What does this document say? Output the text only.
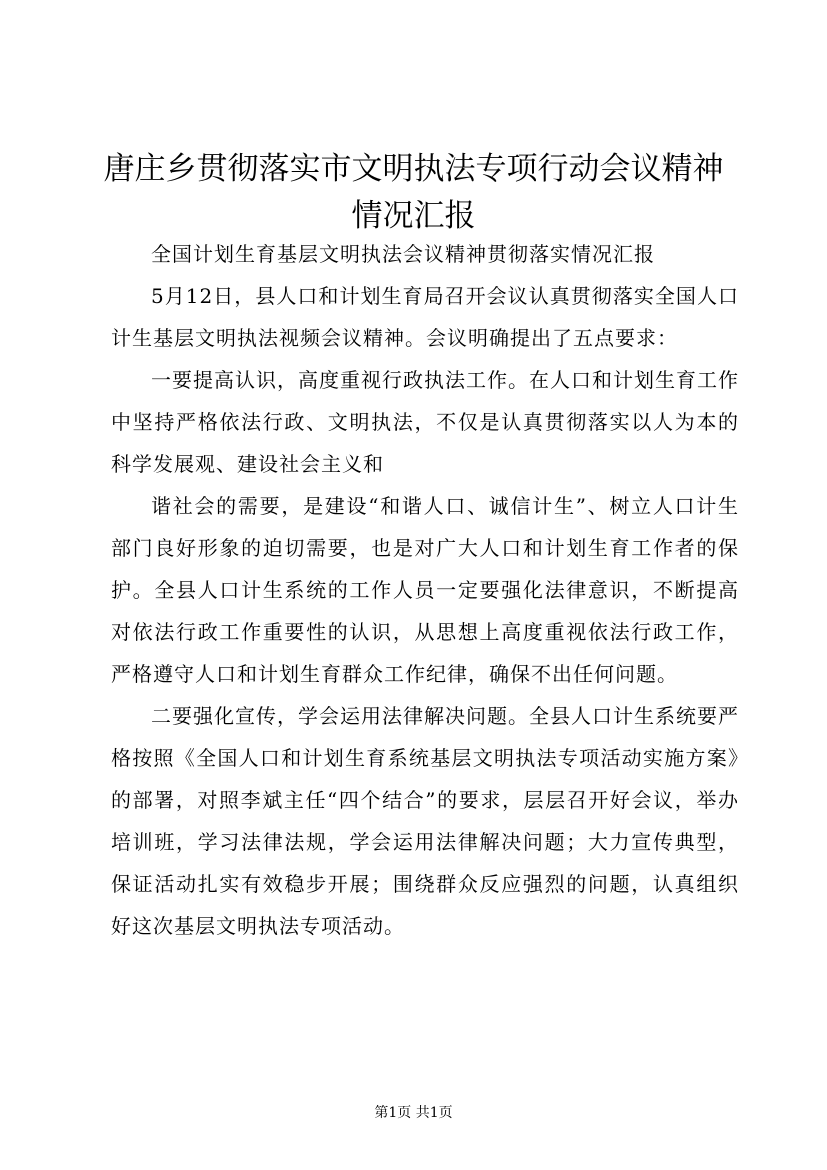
唐庄乡贯彻落实市文明执法专项行动会议精神情况汇报

全国计划生育基层文明执法会议精神贯彻落实情况汇报

5月12日，县人口和计划生育局召开会议认真贯彻落实全国人口计生基层文明执法视频会议精神。会议明确提出了五点要求：

一要提高认识，高度重视行政执法工作。在人口和计划生育工作中坚持严格依法行政、文明执法，不仅是认真贯彻落实以人为本的科学发展观、建设社会主义和

谐社会的需要，是建设“和谐人口、诚信计生”、树立人口计生部门良好形象的迫切需要，也是对广大人口和计划生育工作者的保护。全县人口计生系统的工作人员一定要强化法律意识，不断提高对依法行政工作重要性的认识，从思想上高度重视依法行政工作，严格遵守人口和计划生育群众工作纪律，确保不出任何问题。

二要强化宣传，学会运用法律解决问题。全县人口计生系统要严格按照《全国人口和计划生育系统基层文明执法专项活动实施方案》的部署，对照李斌主任“四个结合”的要求，层层召开好会议，举办培训班，学习法律法规，学会运用法律解决问题；大力宣传典型，保证活动扎实有效稳步开展；围绕群众反应强烈的问题，认真组织好这次基层文明执法专项活动。

第1页 共1页
